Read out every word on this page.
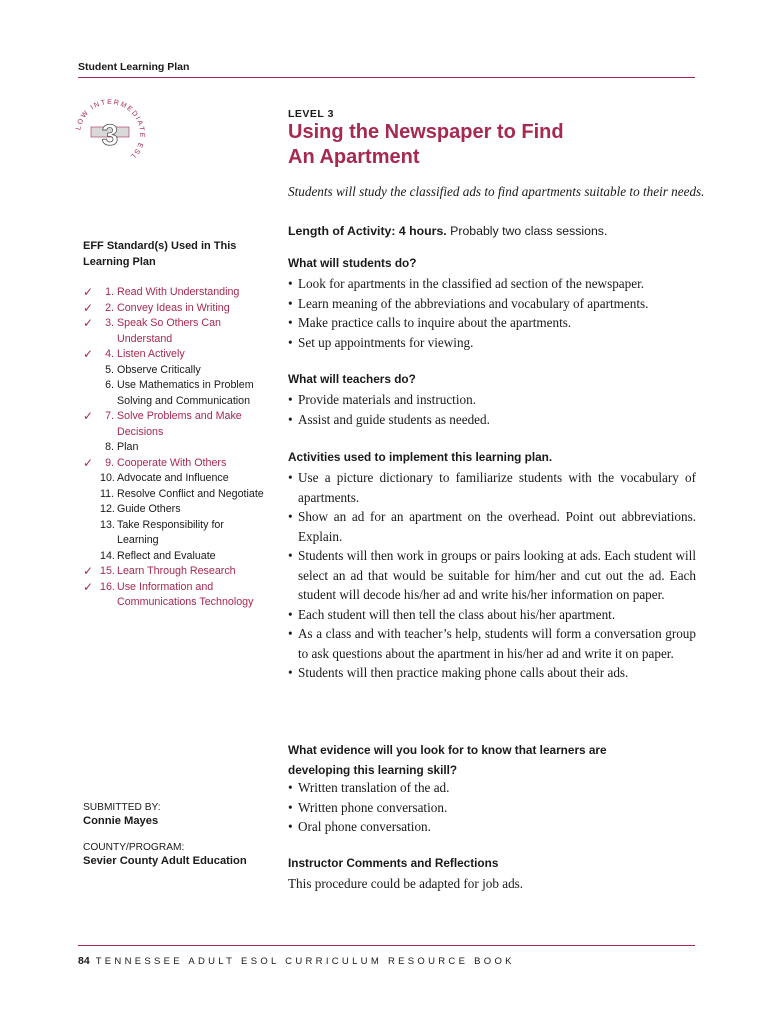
Student Learning Plan
LOW INTERMEDIATE ESL
3
LEVEL 3
Using the Newspaper to Find
An Apartment
Students will study the classified ads to find apartments suitable to their needs.
EFF Standard(s) Used in This
Learning Plan
✓ 1. Read With Understanding
✓ 2. Convey Ideas in Writing
✓ 3. Speak So Others Can
Understand
✓ 4. Listen Actively
5. Observe Critically
6. Use Mathematics in Problem
Solving and Communication
✓ 7. Solve Problems and Make
Decisions
8. Plan
✓ 9. Cooperate With Others
10. Advocate and Influence
11. Resolve Conflict and Negotiate
12. Guide Others
13. Take Responsibility for
Learning
14. Reflect and Evaluate
✓ 15. Learn Through Research
✓ 16. Use Information and
Communications Technology
SUBMITTED BY:
Connie Mayes
COUNTY/PROGRAM:
Sevier County Adult Education
Length of Activity: 4 hours. Probably two class sessions.
What will students do?
• Look for apartments in the classified ad section of the newspaper.
• Learn meaning of the abbreviations and vocabulary of apartments.
• Make practice calls to inquire about the apartments.
• Set up appointments for viewing.
What will teachers do?
• Provide materials and instruction.
• Assist and guide students as needed.
Activities used to implement this learning plan.
• Use a picture dictionary to familiarize students with the vocabulary of apartments.
• Show an ad for an apartment on the overhead. Point out abbreviations. Explain.
• Students will then work in groups or pairs looking at ads. Each student will select an ad that would be suitable for him/her and cut out the ad. Each student will decode his/her ad and write his/her information on paper.
• Each student will then tell the class about his/her apartment.
• As a class and with teacher’s help, students will form a conversation group to ask questions about the apartment in his/her ad and write it on paper.
• Students will then practice making phone calls about their ads.
What evidence will you look for to know that learners are
developing this learning skill?
• Written translation of the ad.
• Written phone conversation.
• Oral phone conversation.
Instructor Comments and Reflections
This procedure could be adapted for job ads.
84 TENNESSEE ADULT ESOL CURRICULUM RESOURCE BOOK
